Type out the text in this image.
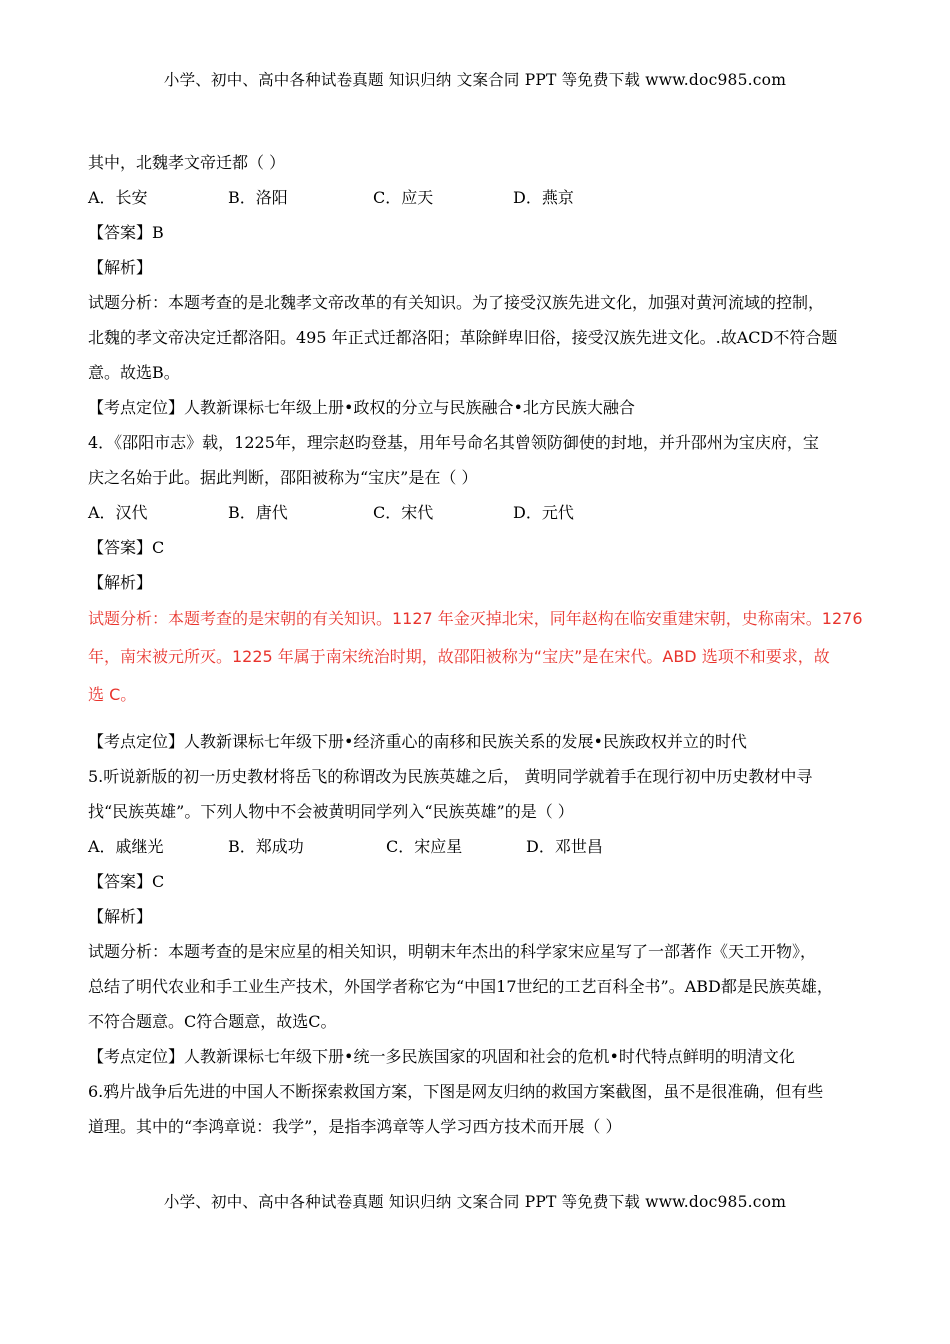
小学、初中、高中各种试卷真题 知识归纳 文案合同 PPT 等免费下载 www.doc985.com
其中，北魏孝文帝迁都（ ）
A．长安	B．洛阳	C．应天	D．燕京
【答案】B
【解析】
试题分析：本题考查的是北魏孝文帝改革的有关知识。为了接受汉族先进文化，加强对黄河流域的控制，
北魏的孝文帝决定迁都洛阳。495 年正式迁都洛阳；革除鲜卑旧俗，接受汉族先进文化。.故ACD不符合题
意。故选B。
【考点定位】人教新课标七年级上册•政权的分立与民族融合•北方民族大融合
4．《邵阳市志》载，1225年，理宗赵昀登基，用年号命名其曾领防御使的封地，并升邵州为宝庆府，宝
庆之名始于此。据此判断，邵阳被称为“宝庆”是在（ ）
A．汉代	B．唐代	C．宋代	D．元代
【答案】C
【解析】
试题分析：本题考查的是宋朝的有关知识。1127 年金灭掉北宋，同年赵构在临安重建宋朝，史称南宋。1276
年，南宋被元所灭。1225 年属于南宋统治时期，故邵阳被称为“宝庆”是在宋代。ABD 选项不和要求，故
选 C。
【考点定位】人教新课标七年级下册•经济重心的南移和民族关系的发展•民族政权并立的时代
5.听说新版的初一历史教材将岳飞的称谓改为民族英雄之后， 黄明同学就着手在现行初中历史教材中寻
找“民族英雄”。下列人物中不会被黄明同学列入“民族英雄”的是（ ）
A．戚继光	B．郑成功	C．宋应星	D．邓世昌
【答案】C
【解析】
试题分析：本题考查的是宋应星的相关知识，明朝末年杰出的科学家宋应星写了一部著作《天工开物》，
总结了明代农业和手工业生产技术，外国学者称它为“中国17世纪的工艺百科全书”。ABD都是民族英雄，
不符合题意。C符合题意，故选C。
【考点定位】人教新课标七年级下册•统一多民族国家的巩固和社会的危机•时代特点鲜明的明清文化
6.鸦片战争后先进的中国人不断探索救国方案，下图是网友归纳的救国方案截图，虽不是很准确，但有些
道理。其中的“李鸿章说：我学”，是指李鸿章等人学习西方技术而开展（ ）
小学、初中、高中各种试卷真题 知识归纳 文案合同 PPT 等免费下载 www.doc985.com
